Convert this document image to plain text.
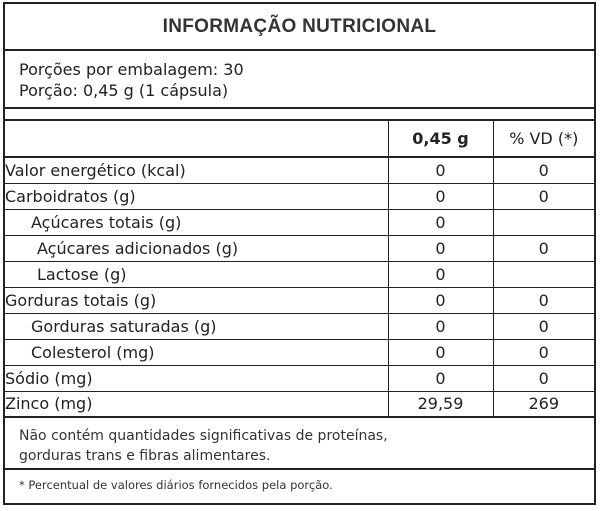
INFORMAÇÃO NUTRICIONAL
Porções por embalagem: 30
Porção: 0,45 g (1 cápsula)
	0,45 g	% VD (*)
Valor energético (kcal)	0	0
Carboidratos (g)	0	0
Açúcares totais (g)	0	
Açúcares adicionados (g)	0	0
Lactose (g)	0	
Gorduras totais (g)	0	0
Gorduras saturadas (g)	0	0
Colesterol (mg)	0	0
Sódio (mg)	0	0
Zinco (mg)	29,59	269
Não contém quantidades significativas de proteínas,
gorduras trans e fibras alimentares.
* Percentual de valores diários fornecidos pela porção.
